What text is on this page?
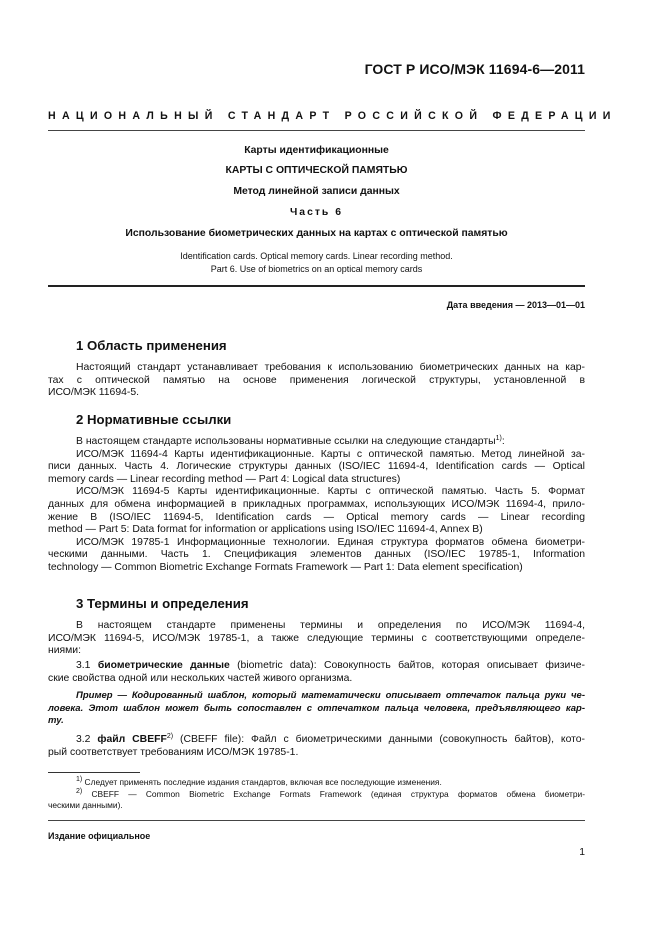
ГОСТ Р ИСО/МЭК 11694-6—2011
НАЦИОНАЛЬНЫЙ СТАНДАРТ РОССИЙСКОЙ ФЕДЕРАЦИИ
Карты идентификационные
КАРТЫ С ОПТИЧЕСКОЙ ПАМЯТЬЮ
Метод линейной записи данных
Часть 6
Использование биометрических данных на картах с оптической памятью
Identification cards. Optical memory cards. Linear recording method.
Part 6. Use of biometrics on an optical memory cards
Дата введения — 2013—01—01
1 Область применения
Настоящий стандарт устанавливает требования к использованию биометрических данных на кар-
тах с оптической памятью на основе применения логической структуры, установленной в
ИСО/МЭК 11694-5.
2 Нормативные ссылки
В настоящем стандарте использованы нормативные ссылки на следующие стандарты$^{1)}$:
ИСО/МЭК 11694-4 Карты идентификационные. Карты с оптической памятью. Метод линейной за-
писи данных. Часть 4. Логические структуры данных (ISO/IEC 11694-4, Identification cards — Optical
memory cards — Linear recording method — Part 4: Logical data structures)
ИСО/МЭК 11694-5 Карты идентификационные. Карты с оптической памятью. Часть 5. Формат
данных для обмена информацией в прикладных программах, использующих ИСО/МЭК 11694-4, прило-
жение B (ISO/IEC 11694-5, Identification cards — Optical memory cards — Linear recording
method — Part 5: Data format for information or applications using ISO/IEC 11694-4, Annex B)
ИСО/МЭК 19785-1 Информационные технологии. Единая структура форматов обмена биометри-
ческими данными. Часть 1. Спецификация элементов данных (ISO/IEC 19785-1, Information
technology — Common Biometric Exchange Formats Framework — Part 1: Data element specification)
3 Термины и определения
В настоящем стандарте применены термины и определения по ИСО/МЭК 11694-4,
ИСО/МЭК 11694-5, ИСО/МЭК 19785-1, а также следующие термины с соответствующими определе-
ниями:
3.1 биометрические данные (biometric data): Совокупность байтов, которая описывает физиче-
ские свойства одной или нескольких частей живого организма.
Пример — Кодированный шаблон, который математически описывает отпечаток пальца руки че-
ловека. Этот шаблон может быть сопоставлен с отпечатком пальца человека, предъявляющего кар-
ту.
3.2 файл CBEFF$^{2)}$ (CBEFF file): Файл с биометрическими данными (совокупность байтов), кото-
рый соответствует требованиям ИСО/МЭК 19785-1.
$^{1)}$ Следует применять последние издания стандартов, включая все последующие изменения.
$^{2)}$ CBEFF — Common Biometric Exchange Formats Framework (единая структура форматов обмена биометри-
ческими данными).
Издание официальное
1
